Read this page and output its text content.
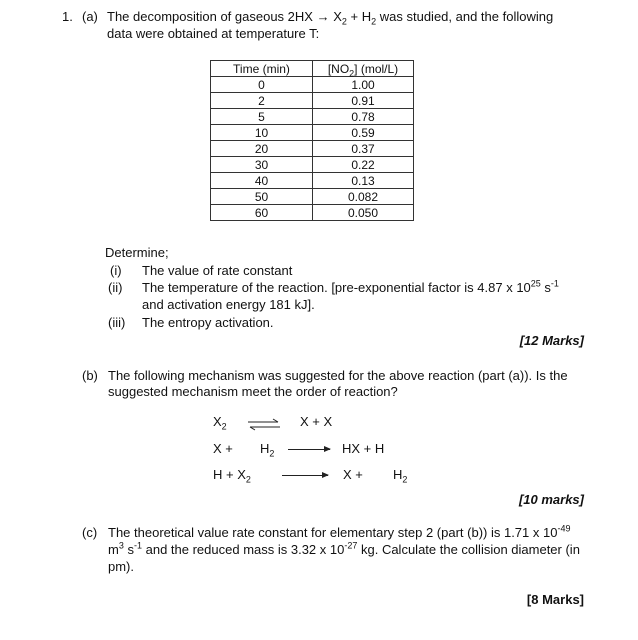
1. (a) The decomposition of gaseous $2HX \to X_2 + H_2$ was studied, and the following
data were obtained at temperature T:
Time (min)	$[NO_2]$ (mol/L)
0	1.00
2	0.91
5	0.78
10	0.59
20	0.37
30	0.22
40	0.13
50	0.082
60	0.050
Determine;
(i) The value of rate constant
(ii) The temperature of the reaction. [pre-exponential factor is 4.87 x $10^{25}$ $s^{-1}$
and activation energy 181 kJ].
(iii) The entropy activation.
[12 Marks]
(b) The following mechanism was suggested for the above reaction (part (a)). Is the
suggested mechanism meet the order of reaction?
$X_2$ ⇌ X + X
$X + H_2$ → HX + H
$H + X_2 \to X + H_2$
[10 marks]
(c) The theoretical value rate constant for elementary step 2 (part (b)) is 1.71 x $10^{-49}$
$m^3$ $s^{-1}$ and the reduced mass is 3.32 x $10^{-27}$ kg. Calculate the collision diameter (in
pm).
[8 Marks]
